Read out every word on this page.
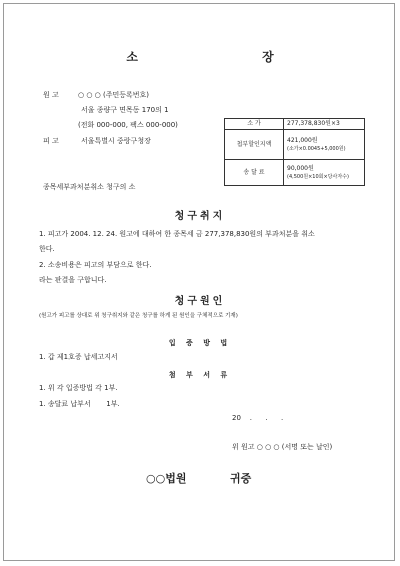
소 장
원 고	○ ○ ○ (주민등록번호)
서울 종량구 면목동 170의 1
(전화 000-000, 팩스 000-000)
피 고	서울특별시 중랑구청장
종목세부과처분취소 청구의 소
소 가	277,378,830원×3
첩부할인지액	421,000원
(소가×0.0045+5,000원)

송 달 료	90,000원
(4,500원×10회×당사자수)
청구취지
1. 피고가 2004. 12. 24. 원고에 대하여 한 종목세 금 277,378,830원의 부과처분을 취소
한다.
2. 소송비용은 피고의 부담으로 한다.
라는 판결을 구합니다.
청구원인
(원고가 피고를 상대로 위 청구취지와 같은 청구를 하게 된 원인을 구체적으로 기재)
입 증 방 법
1. 갑 제1호증 납세고지서
첨 부 서 류
1. 위 각 입증방법 각 1부.
1. 송달료 납부서       1부.
20    .      .      .
위 원고 ○ ○ ○ (서명 또는 날인)
○○법원	귀중
